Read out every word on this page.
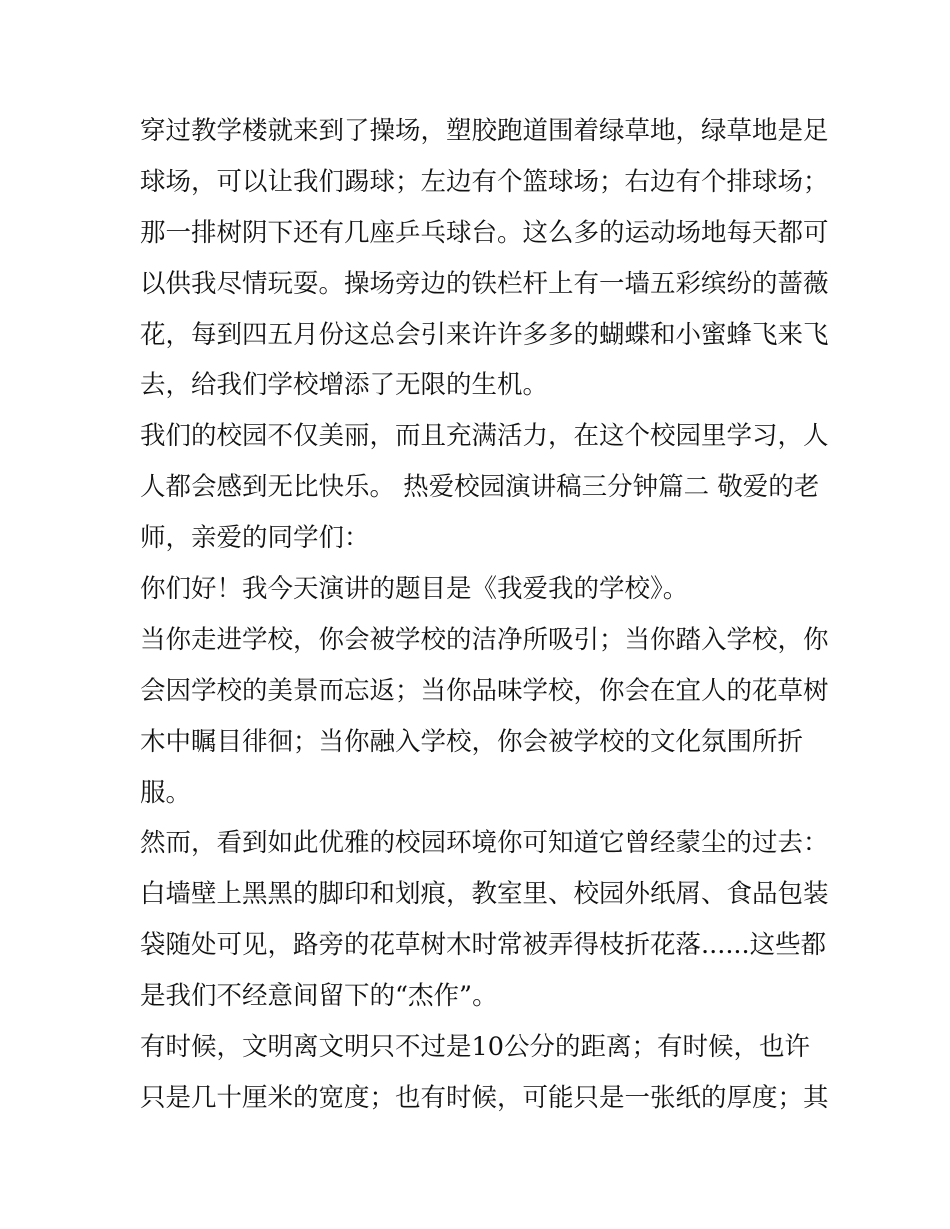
穿过教学楼就来到了操场，塑胶跑道围着绿草地，绿草地是足
球场，可以让我们踢球；左边有个篮球场；右边有个排球场；
那一排树阴下还有几座乒乓球台。这么多的运动场地每天都可
以供我尽情玩耍。操场旁边的铁栏杆上有一墙五彩缤纷的蔷薇
花，每到四五月份这总会引来许许多多的蝴蝶和小蜜蜂飞来飞
去，给我们学校增添了无限的生机。

我们的校园不仅美丽，而且充满活力，在这个校园里学习，人
人都会感到无比快乐。 热爱校园演讲稿三分钟篇二 敬爱的老
师，亲爱的同学们：

你们好！我今天演讲的题目是《我爱我的学校》。

当你走进学校，你会被学校的洁净所吸引；当你踏入学校，你
会因学校的美景而忘返；当你品味学校，你会在宜人的花草树
木中瞩目徘徊；当你融入学校，你会被学校的文化氛围所折
服。

然而，看到如此优雅的校园环境你可知道它曾经蒙尘的过去：
白墙壁上黑黑的脚印和划痕，教室里、校园外纸屑、食品包装
袋随处可见，路旁的花草树木时常被弄得枝折花落......这些都
是我们不经意间留下的“杰作”。

有时候，文明离文明只不过是10公分的距离；有时候，也许
只是几十厘米的宽度；也有时候，可能只是一张纸的厚度；其
